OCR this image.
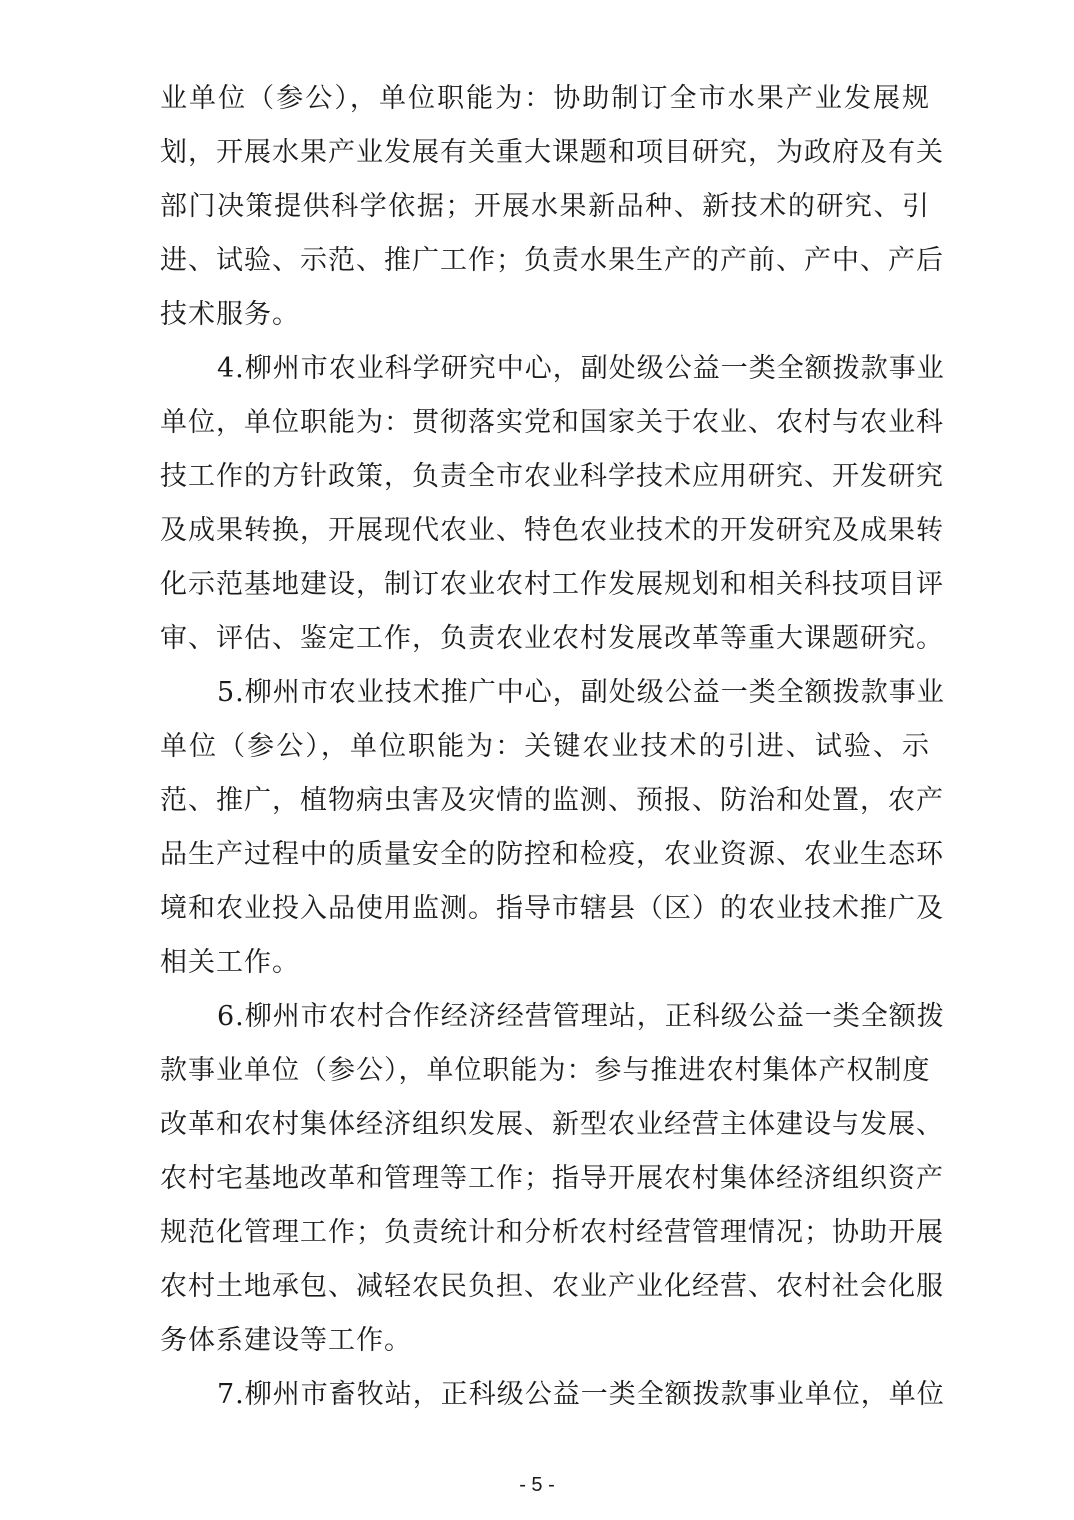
业单位（参公），单位职能为：协助制订全市水果产业发展规
划，开展水果产业发展有关重大课题和项目研究，为政府及有关
部门决策提供科学依据；开展水果新品种、新技术的研究、引
进、试验、示范、推广工作；负责水果生产的产前、产中、产后
技术服务。
4.柳州市农业科学研究中心，副处级公益一类全额拨款事业
单位，单位职能为：贯彻落实党和国家关于农业、农村与农业科
技工作的方针政策，负责全市农业科学技术应用研究、开发研究
及成果转换，开展现代农业、特色农业技术的开发研究及成果转
化示范基地建设，制订农业农村工作发展规划和相关科技项目评
审、评估、鉴定工作，负责农业农村发展改革等重大课题研究。
5.柳州市农业技术推广中心，副处级公益一类全额拨款事业
单位（参公），单位职能为：关键农业技术的引进、试验、示
范、推广，植物病虫害及灾情的监测、预报、防治和处置，农产
品生产过程中的质量安全的防控和检疫，农业资源、农业生态环
境和农业投入品使用监测。指导市辖县（区）的农业技术推广及
相关工作。
6.柳州市农村合作经济经营管理站，正科级公益一类全额拨
款事业单位（参公），单位职能为：参与推进农村集体产权制度
改革和农村集体经济组织发展、新型农业经营主体建设与发展、
农村宅基地改革和管理等工作；指导开展农村集体经济组织资产
规范化管理工作；负责统计和分析农村经营管理情况；协助开展
农村土地承包、减轻农民负担、农业产业化经营、农村社会化服
务体系建设等工作。
7.柳州市畜牧站，正科级公益一类全额拨款事业单位，单位
- 5 -
